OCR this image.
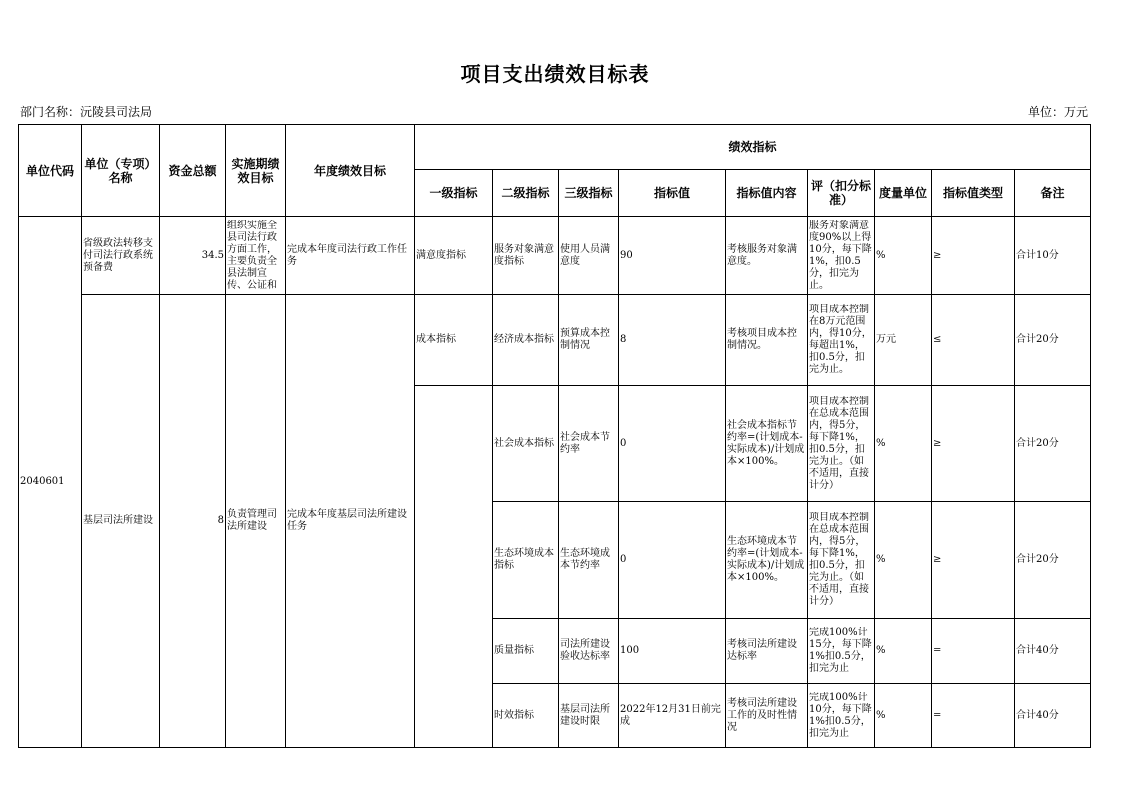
项目支出绩效目标表
部门名称：沅陵县司法局	单位：万元
单位代码	单位（专项）名称	资金总额	实施期绩效目标	年度绩效目标	绩效指标								
					一级指标	二级指标	三级指标	指标值	指标值内容	评（扣分标准）	度量单位	指标值类型	备注
2040601	省级政法转移支付司法行政系统预备费	34.5	组织实施全县司法行政方面工作，主要负责全县法制宣传、公证和	完成本年度司法行政工作任务	满意度指标	服务对象满意度指标	使用人员满意度	90	考核服务对象满意度。	服务对象满意度90%以上得10分，每下降1%，扣0.5分，扣完为止。	%	≥	合计10分
	基层司法所建设	8	负责管理司法所建设	完成本年度基层司法所建设任务	成本指标	经济成本指标	预算成本控制情况	8	考核项目成本控制情况。	项目成本控制在8万元范围内，得10分，每超出1%，扣0.5分，扣完为止。	万元	≤	合计20分
						社会成本指标	社会成本节约率	0	社会成本指标节约率=(计划成本-实际成本)/计划成本×100%。	项目成本控制在总成本范围内，得5分，每下降1%，扣0.5分，扣完为止。（如不适用，直接计分）	%	≥	合计20分
						生态环境成本指标	生态环境成本节约率	0	生态环境成本节约率=(计划成本-实际成本)/计划成本×100%。	项目成本控制在总成本范围内，得5分，每下降1%，扣0.5分，扣完为止。（如不适用，直接计分）	%	≥	合计20分
						质量指标	司法所建设验收达标率	100	考核司法所建设达标率	完成100%计15分，每下降1%扣0.5分，扣完为止	%	=	合计40分
						时效指标	基层司法所建设时限	2022年12月31日前完成	考核司法所建设工作的及时性情况	完成100%计10分，每下降1%扣0.5分，扣完为止	%	=	合计40分
